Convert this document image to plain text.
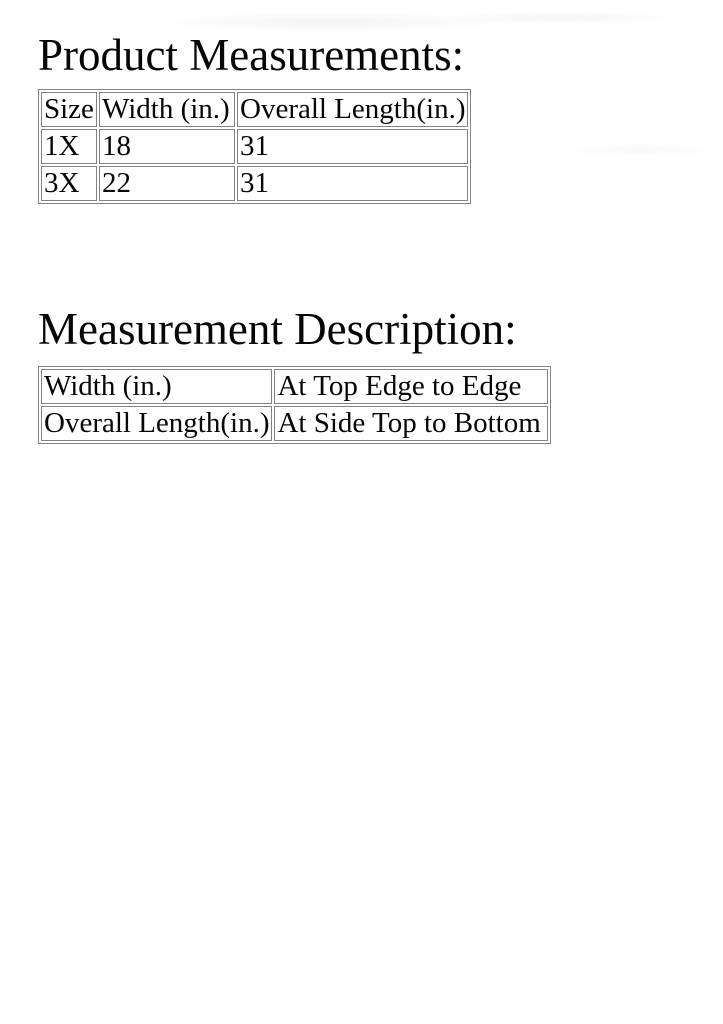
Product Measurements:
Size	Width (in.)	Overall Length(in.)
1X	18	31
3X	22	31
Measurement Description:
Width (in.)	At Top Edge to Edge
Overall Length(in.)	At Side Top to Bottom
